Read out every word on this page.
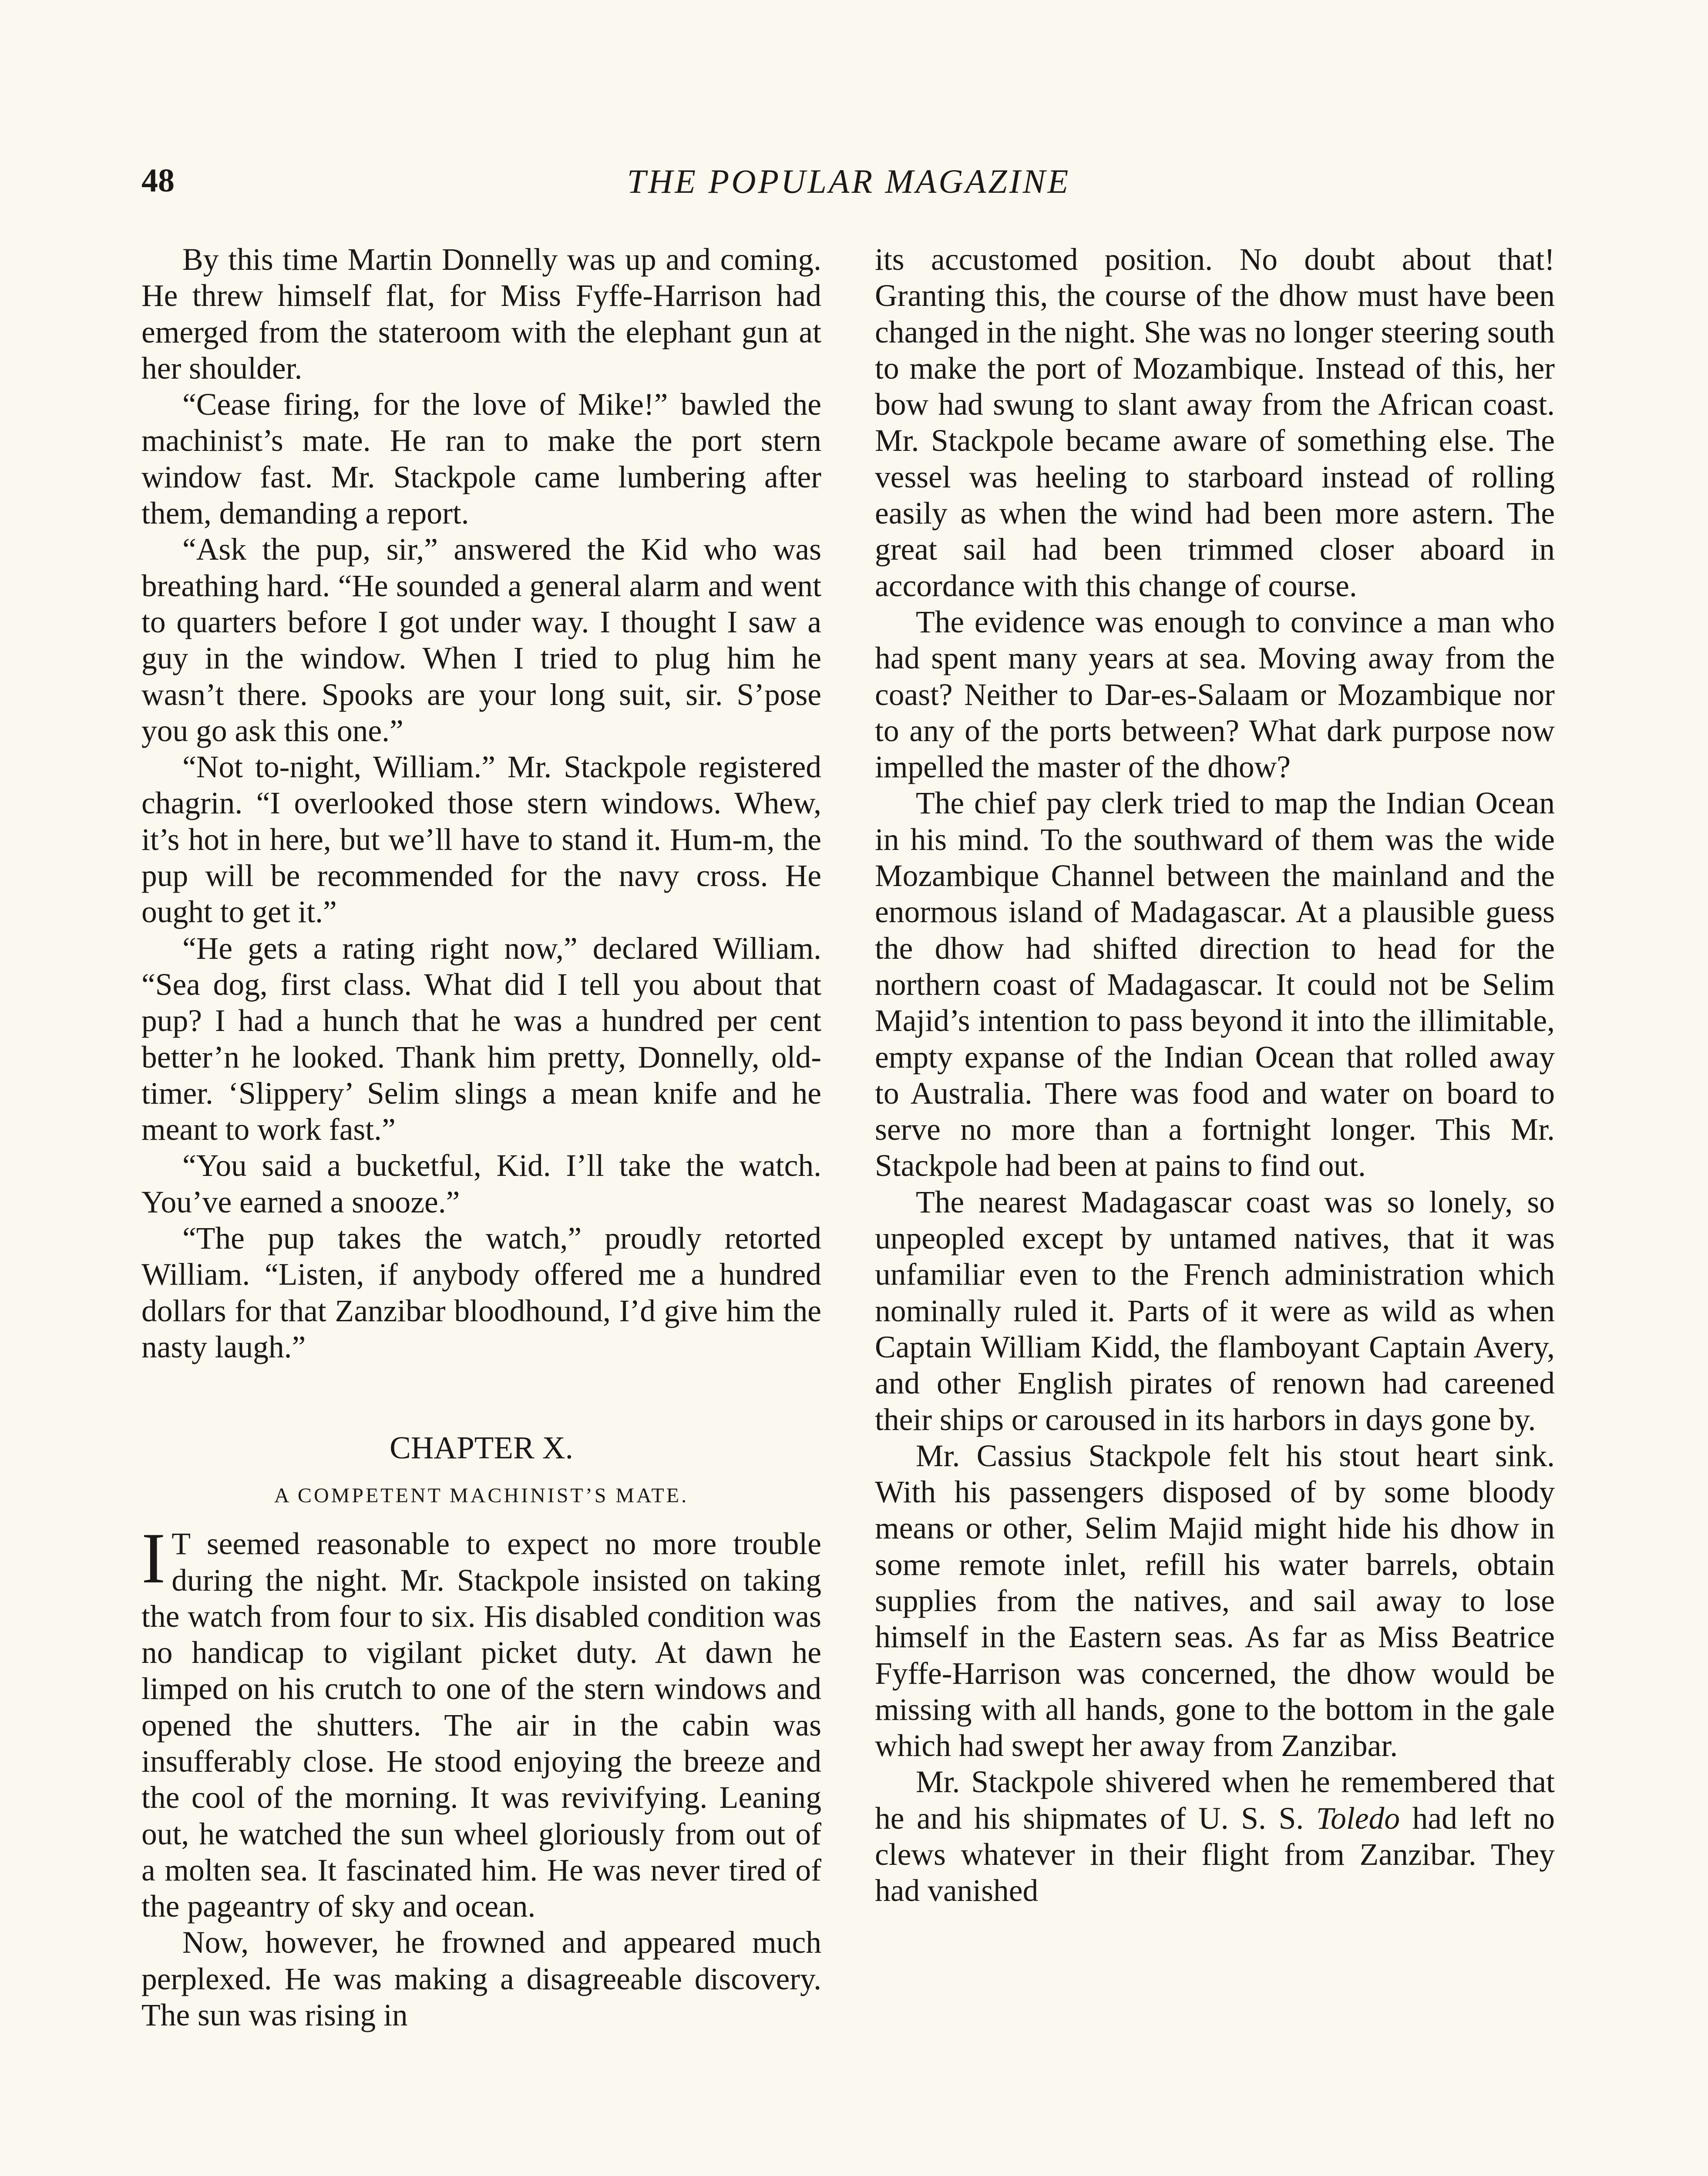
48	THE POPULAR MAGAZINE

By this time Martin Donnelly was up and coming. He threw himself flat, for Miss Fyffe-Harrison had emerged from the stateroom with the elephant gun at her shoulder.

“Cease firing, for the love of Mike!” bawled the machinist’s mate. He ran to make the port stern window fast. Mr. Stackpole came lumbering after them, demanding a report.

“Ask the pup, sir,” answered the Kid who was breathing hard. “He sounded a general alarm and went to quarters before I got under way. I thought I saw a guy in the window. When I tried to plug him he wasn’t there. Spooks are your long suit, sir. S’pose you go ask this one.”

“Not to-night, William.” Mr. Stackpole registered chagrin. “I overlooked those stern windows. Whew, it’s hot in here, but we’ll have to stand it. Hum-m, the pup will be recommended for the navy cross. He ought to get it.”

“He gets a rating right now,” declared William. “Sea dog, first class. What did I tell you about that pup? I had a hunch that he was a hundred per cent better’n he looked. Thank him pretty, Donnelly, old-timer. ‘Slippery’ Selim slings a mean knife and he meant to work fast.”

“You said a bucketful, Kid. I’ll take the watch. You’ve earned a snooze.”

“The pup takes the watch,” proudly retorted William. “Listen, if anybody offered me a hundred dollars for that Zanzibar bloodhound, I’d give him the nasty laugh.”

CHAPTER X.
A COMPETENT MACHINIST’S MATE.

I T seemed reasonable to expect no more trouble during the night. Mr. Stackpole insisted on taking the watch from four to six. His disabled condition was no handicap to vigilant picket duty. At dawn he limped on his crutch to one of the stern windows and opened the shutters. The air in the cabin was insufferably close. He stood enjoying the breeze and the cool of the morning. It was revivifying. Leaning out, he watched the sun wheel gloriously from out of a molten sea. It fascinated him. He was never tired of the pageantry of sky and ocean.

Now, however, he frowned and appeared much perplexed. He was making a disagreeable discovery. The sun was rising in

its accustomed position. No doubt about that! Granting this, the course of the dhow must have been changed in the night. She was no longer steering south to make the port of Mozambique. Instead of this, her bow had swung to slant away from the African coast. Mr. Stackpole became aware of something else. The vessel was heeling to starboard instead of rolling easily as when the wind had been more astern. The great sail had been trimmed closer aboard in accordance with this change of course.

The evidence was enough to convince a man who had spent many years at sea. Moving away from the coast? Neither to Dar-es-Salaam or Mozambique nor to any of the ports between? What dark purpose now impelled the master of the dhow?

The chief pay clerk tried to map the Indian Ocean in his mind. To the southward of them was the wide Mozambique Channel between the mainland and the enormous island of Madagascar. At a plausible guess the dhow had shifted direction to head for the northern coast of Madagascar. It could not be Selim Majid’s intention to pass beyond it into the illimitable, empty expanse of the Indian Ocean that rolled away to Australia. There was food and water on board to serve no more than a fortnight longer. This Mr. Stackpole had been at pains to find out.

The nearest Madagascar coast was so lonely, so unpeopled except by untamed natives, that it was unfamiliar even to the French administration which nominally ruled it. Parts of it were as wild as when Captain William Kidd, the flamboyant Captain Avery, and other English pirates of renown had careened their ships or caroused in its harbors in days gone by.

Mr. Cassius Stackpole felt his stout heart sink. With his passengers disposed of by some bloody means or other, Selim Majid might hide his dhow in some remote inlet, refill his water barrels, obtain supplies from the natives, and sail away to lose himself in the Eastern seas. As far as Miss Beatrice Fyffe-Harrison was concerned, the dhow would be missing with all hands, gone to the bottom in the gale which had swept her away from Zanzibar.

Mr. Stackpole shivered when he remembered that he and his shipmates of U. S. S. Toledo had left no clews whatever in their flight from Zanzibar. They had vanished
